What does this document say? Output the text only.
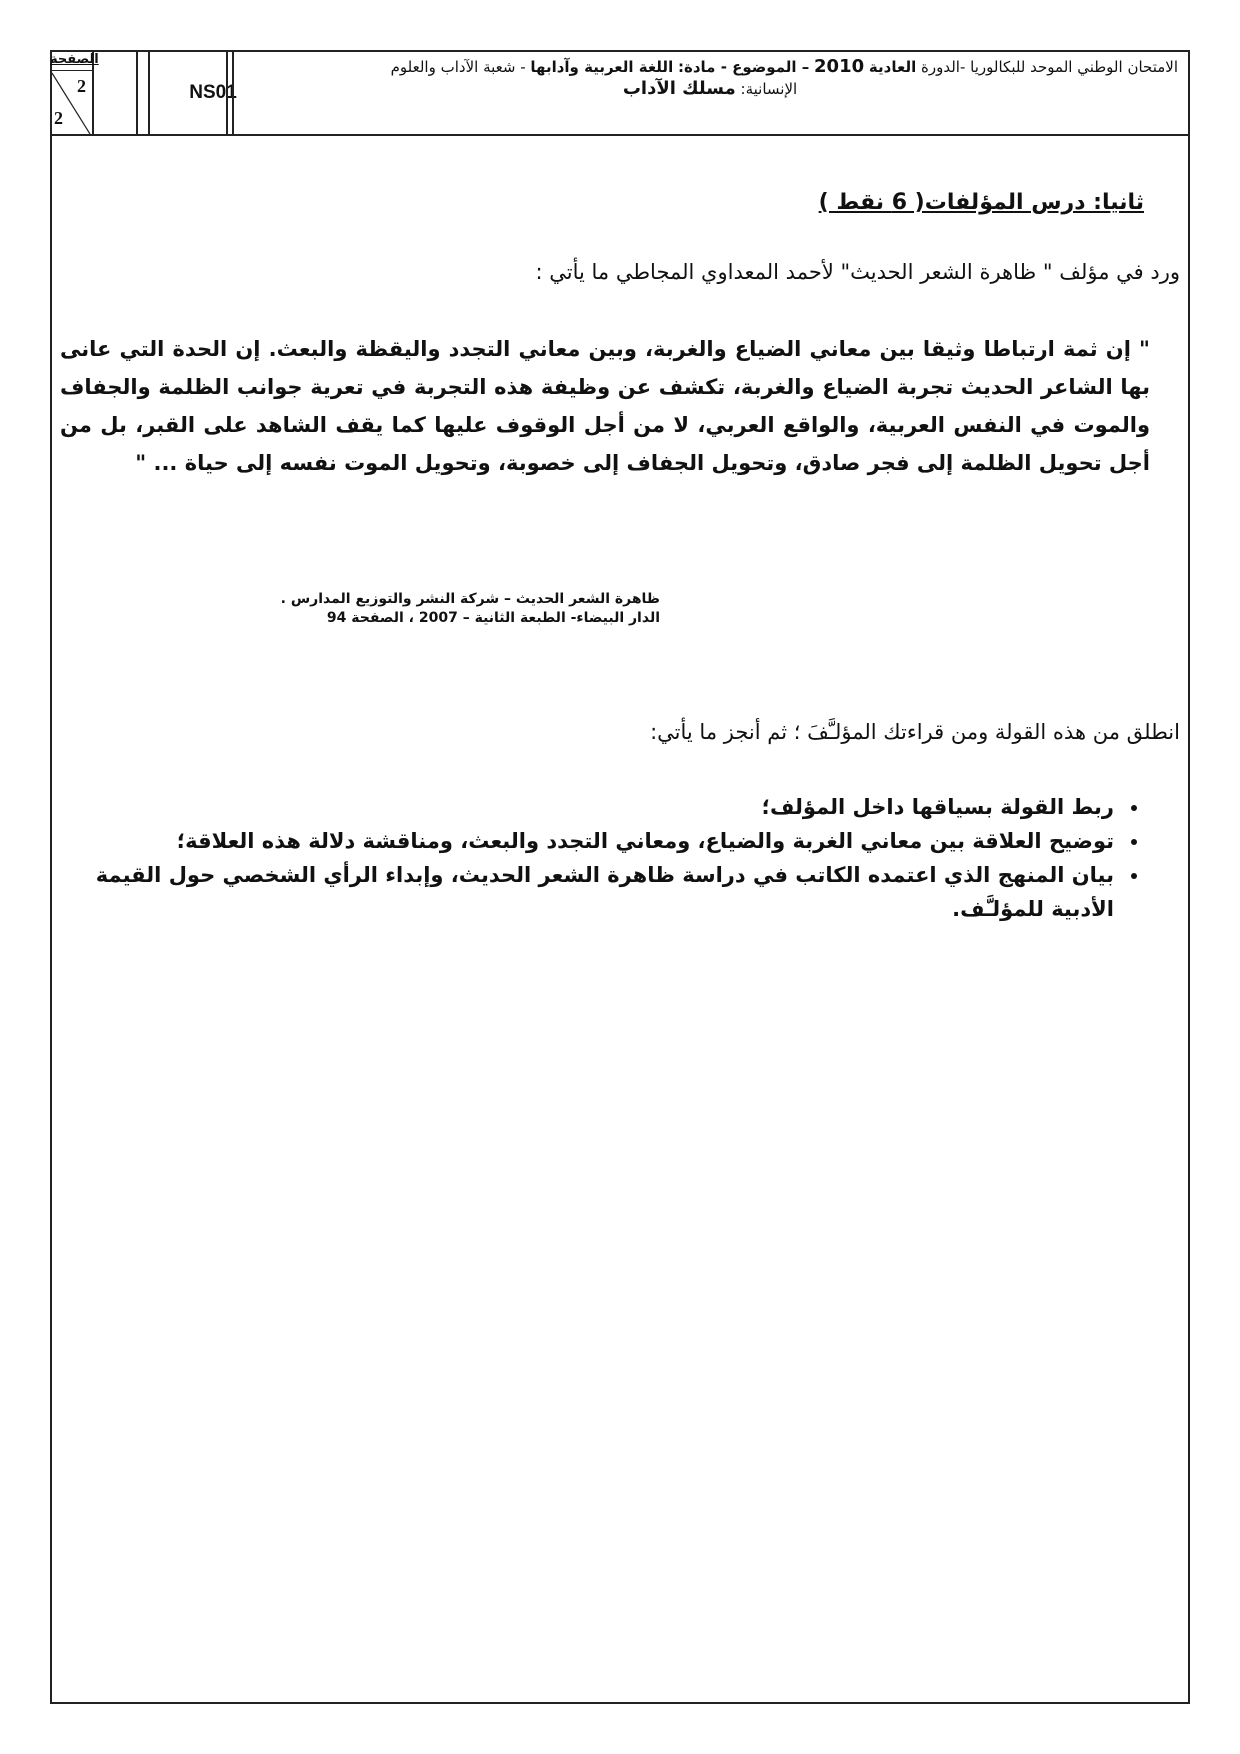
الصفحة
2
2
NS01
الامتحان الوطني الموحد للبكالوريا -الدورة العادية 2010 – الموضوع - مادة: اللغة العربية وآدابها - شعبة الآداب والعلوم
الإنسانية: مسلك الآداب
ثانيا: درس المؤلفات( 6 نقط )
ورد في مؤلف " ظاهرة الشعر الحديث" لأحمد المعداوي المجاطي ما يأتي :
" إن ثمة ارتباطا وثيقا بين معاني الضياع والغربة، وبين معاني التجدد واليقظة والبعث. إن الحدة التي عانى بها الشاعر الحديث تجربة الضياع والغربة، تكشف عن وظيفة هذه التجربة في تعرية جوانب الظلمة والجفاف والموت في النفس العربية، والواقع العربي، لا من أجل الوقوف عليها كما يقف الشاهد على القبر، بل من أجل تحويل الظلمة إلى فجر صادق، وتحويل الجفاف إلى خصوبة، وتحويل الموت نفسه إلى حياة ... "
ظاهرة الشعر الحديث – شركة النشر والتوزيع المدارس .
الدار البيضاء- الطبعة الثانية – 2007 ، الصفحة 94
انطلق من هذه القولة ومن قراءتك المؤلـَّفَ ؛ ثم أنجز ما يأتي:
• ربط القولة بسياقها داخل المؤلف؛
• توضيح العلاقة بين معاني الغربة والضياع، ومعاني التجدد والبعث، ومناقشة دلالة هذه العلاقة؛
• بيان المنهج الذي اعتمده الكاتب في دراسة ظاهرة الشعر الحديث، وإبداء الرأي الشخصي حول القيمة الأدبية للمؤلـَّف.
